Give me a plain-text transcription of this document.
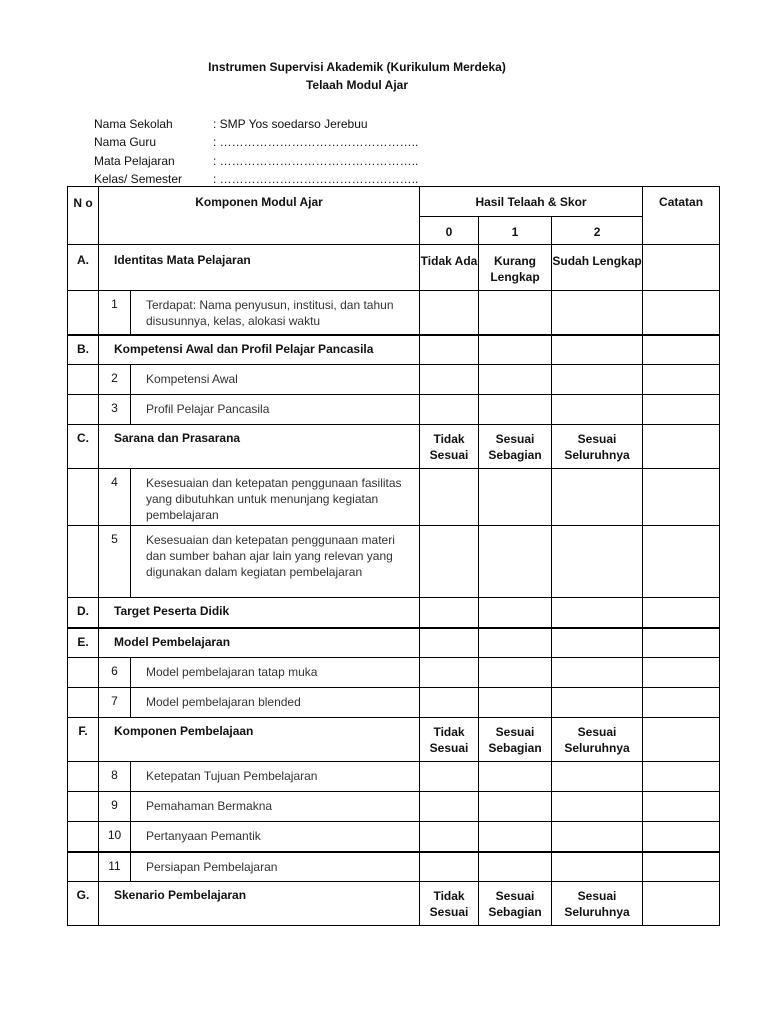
Instrumen Supervisi Akademik (Kurikulum Merdeka)
Telaah Modul Ajar
Nama Sekolah	: SMP Yos soedarso Jerebuu
Nama Guru	: …………………………………………..
Mata Pelajaran	: …………………………………………..
Kelas/ Semester	: …………………………………………..
N o	Komponen Modul Ajar		Hasil Telaah & Skor			Catatan
			0	1	2	
A.	Identitas Mata Pelajaran		Tidak Ada	Kurang Lengkap	Sudah Lengkap	
	1	Terdapat: Nama penyusun, institusi, dan tahun disusunnya, kelas, alokasi waktu				
B.	Kompetensi Awal dan Profil Pelajar Pancasila					
	2	Kompetensi Awal				
	3	Profil Pelajar Pancasila				
C.	Sarana dan Prasarana		Tidak Sesuai	Sesuai Sebagian	Sesuai Seluruhnya	
	4	Kesesuaian dan ketepatan penggunaan fasilitas yang dibutuhkan untuk menunjang kegiatan pembelajaran				
	5	Kesesuaian dan ketepatan penggunaan materi dan sumber bahan ajar lain yang relevan yang digunakan dalam kegiatan pembelajaran				
D.	Target Peserta Didik					
E.	Model Pembelajaran					
	6	Model pembelajaran tatap muka				
	7	Model pembelajaran blended				
F.	Komponen Pembelajaan		Tidak Sesuai	Sesuai Sebagian	Sesuai Seluruhnya	
	8	Ketepatan Tujuan Pembelajaran				
	9	Pemahaman Bermakna				
	10	Pertanyaan Pemantik				
	11	Persiapan Pembelajaran				
G.	Skenario Pembelajaran		Tidak Sesuai	Sesuai Sebagian	Sesuai Seluruhnya	
